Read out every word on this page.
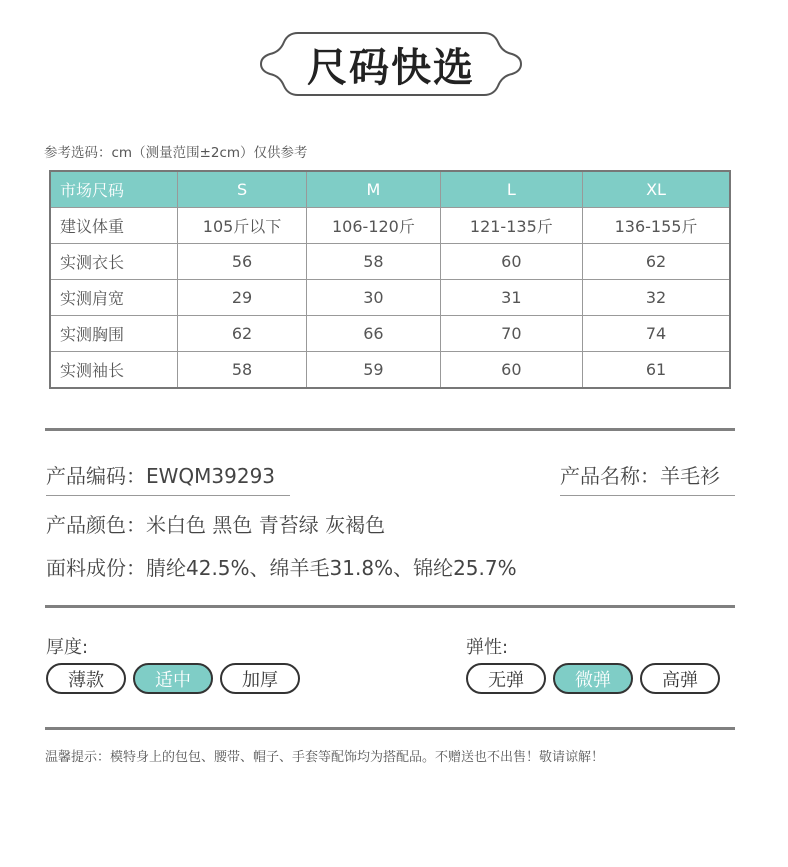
尺码快选
参考选码：cm（测量范围±2cm）仅供参考
市场尺码	S	M	L	XL
建议体重	105斤以下	106-120斤	121-135斤	136-155斤
实测衣长	56	58	60	62
实测肩宽	29	30	31	32
实测胸围	62	66	70	74
实测袖长	58	59	60	61
产品编码：EWQM39293	产品名称：羊毛衫
产品颜色：米白色 黑色 青苔绿 灰褐色
面料成份：腈纶42.5%、绵羊毛31.8%、锦纶25.7%
厚度:
薄款	适中	加厚
弹性:
无弹	微弹	高弹
温馨提示：模特身上的包包、腰带、帽子、手套等配饰均为搭配品。不赠送也不出售！敬请谅解！
